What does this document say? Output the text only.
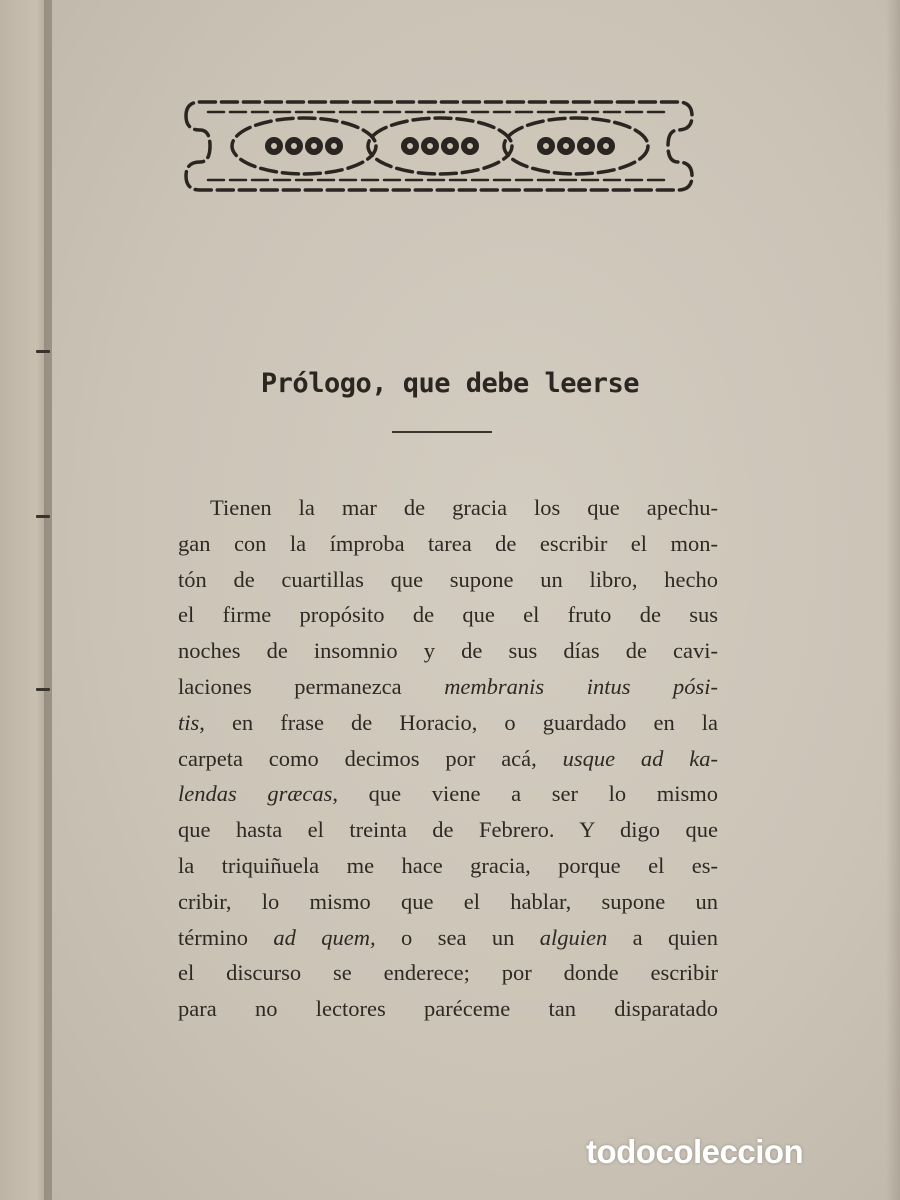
Prólogo, que debe leerse
Tienen la mar de gracia los que apechu-
gan con la ímproba tarea de escribir el mon-
tón de cuartillas que supone un libro, hecho
el firme propósito de que el fruto de sus
noches de insomnio y de sus días de cavi-
laciones permanezca membranis intus pósi-
tis, en frase de Horacio, o guardado en la
carpeta como decimos por acá, usque ad ka-
lendas græcas, que viene a ser lo mismo
que hasta el treinta de Febrero. Y digo que
la triquiñuela me hace gracia, porque el es-
cribir, lo mismo que el hablar, supone un
término ad quem, o sea un alguien a quien
el discurso se enderece; por donde escribir
para no lectores paréceme tan disparatado
todocoleccion
